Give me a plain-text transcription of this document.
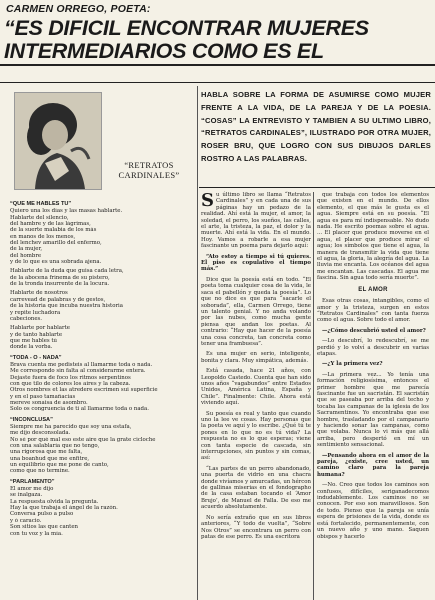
CARMEN ORREGO, POETA:
“ES DIFICIL ENCONTRAR MUJERES
INTERMEDIARIOS COMO ES EL
“RETRATOS CARDINALES”
“QUE ME HABLES TU”
Quiero una los días y las masas hablarte.
Hablarte del silencio,
del hambre y de las lágrimas,
de la suerte malabia de los más
en manos de los menos,
del lenchev amarillo del enfermo,
de la mujer,
del hombre
y de lo que es una sobrada ajena.
Hablarte de la duda que guisa cada letra,
de la abocena frinema de su pistero,
de la tronda insurrente de la locura.
Hablarte de nosotros
carrevead de palabras y de gestos,
de la historia que incuba nuestra historia
y repite luchadora
cabeciones.
Hablarte por hablarte
y de tanto hablarte
que me hables tú
donde la vorba.
“TODA - O - NADA”
Brava cuenta me pedisteis al llamarme toda o nada.
Me correspondo sin falta al considerarme entera.
Dejaste fuera de foco los ritmos serpentinos
con que tilo de colores los aires y la cabeza.
Otros nombres et las atredere escrimen sui superficie
y en el paso tamañacias
mereve sonaisa de asombro.
Solo os congruencia de ti al llamarme toda o nada.
“INCONCLUSA”
Siempre me ha parecido que soy una estafa,
me dijo desconsolada.
No sé por qué mal eso este aire que la grate cicloche
con una salablaría que no tengo,
una rigorosa que me falta,
una boanhud que me enfitre,
un equilibrio que me pone de canto,
como que no termine.
“PARLAMENTO”
El amor me dijo
se inalgaza.
La respuesta olvida la pregunta.
Hay la que trabaja el ángel de la razón.
Conversa pulso a pulso
y ó caracio.
Son sitios las que canten
con tu voz y la mía.
HABLA SOBRE LA FORMA DE ASUMIRSE COMO MUJER FRENTE A LA VIDA, DE LA PAREJA Y DE LA POESIA. “COSAS” LA ENTREVISTO Y TAMBIEN A SU ULTIMO LIBRO, “RETRATOS CARDINALES”, ILUSTRADO POR OTRA MUJER, ROSER BRU, QUE LOGRO CON SUS DIBUJOS DARLES ROSTRO A LAS PALABRAS.

Su último libro se llama “Retratos Cardinales” y en cada una de sus páginas hay un pedazo de la realidad. Ahí está la mujer, el amor, la soledad, el perro, los sueños, las calles, el arte, la tristeza, la paz, el dolor y la muerte. Ahí está la vida. En el mundo. Hoy. Vamos a robarle a esa mujer fascinante un poema para dejarlo aquí:

“Ato estoy a tiempo si tú quieres. El piso es copulativo el tiempo más.”

Dice que la poesía está en todo. “El poeta toma cualquier cosa de la vida, le saca el pabellón y queda la poesía”. Lo que no dice es que para “sacarle el soborada”, ella, Carmen Orrego, tiene un talento genial. Y no anda volando por las nubes, como mucha gente piensa que andan los poetas. Al contrario: “Hay que hacer de la poesía una cosa concreta, tan concreta como tener una frambuesa”.

Es una mujer en serio, inteligente, bonita y clara. Muy simpática, además.

Está casada, hace 21 años, con Leopoldo Castedo. Cuenta que han sido unos años “vagabundos” entre Estados Unidos, América Latina, España y Chile”. Finalmente: Chile. Ahora está viviendo aquí.

Su poesía es real y tanto que cuando uno la lee ve cosas. Hay personas que la poeta ve aquí y lo escribe. ¿Qué tú te pones en lo que no es tú vida? La respuesta no es lo que esperas; viene con tanta especie de cascada, sin interrupciones, sin puntos y sin comas, así:

“Las partes de un perro abandonado, una puerta de vidrio en una chacra donde vivíamos y amurcadas, un hércon de gallinas miserias en el fondographo de la casa estaban tocando el ‘Amor Brujo’, de Manuel de Falla. De eso me acuerdo absolutamente.

No sería extraño que en sus libros anteriores, “Y todo de vuelta”, “Sobre Nos Otros” se encontrara un perro con patas de ese perro. Es una escritora

que trabaja con todos los elementos que existen en el mundo. De ellos elemento, el que más le gusta es el agua. Siempre está en su poesía. “El agua es para mí indispensable. No dudo nada. He escrito poemas sobre el agua. ... El placer que produce moverse en el agua, el placer que produce mirar el agua; los símbolos que tiene el agua, la manera de transmitir la vida que tiene el agua, la gloria, la alegría del agua. La lluvia me encanta. Los océanos del agua me encantan. Las cascadas. El agua me fascina. Sin agua todo sería muerte”.

EL AMOR

Esas otras cosas, intangibles, como el amor y la tristeza, surgen en estos “Retratos Cardinales” con tanta fuerza como el agua. Sobre todo el amor.

—¿Cómo descubrió usted el amor?

—Lo descubrí, lo redescubrí, se me perdió y lo volví a descubrir en varias etapas.

—¿Y la primera vez?

—La primera vez... Yo tenía una formación religiosísima, entonces el primer hombre que me parecía fascinante fue un sacristán. El sacristán que se paseaba por arriba del techo y tocaba las campanas de la iglesia de los Sacramentinos. Yo encontraba que ese hombre, trasladando por el campanario y haciendo sonar las campanas, como que volaba. Nunca lo vi más que allá arriba, pero despertó en mí un sentimiento sensacional.

—Pensando ahora en el amor de la pareja, ¿existe, cree usted, un camino claro para la pareja humana?

—No. Creo que todos los caminos son confusos, difíciles, seriganadecomos indudablemente. Los caminos no se conocen. Por eso son maravillosos. Son de todo. Pienso que la pareja se unía espera de prisiones de la vida, donde es está fortalecido, permanentemente, con un nuevo año y uno mano. Saquen obispos y hacerlo
